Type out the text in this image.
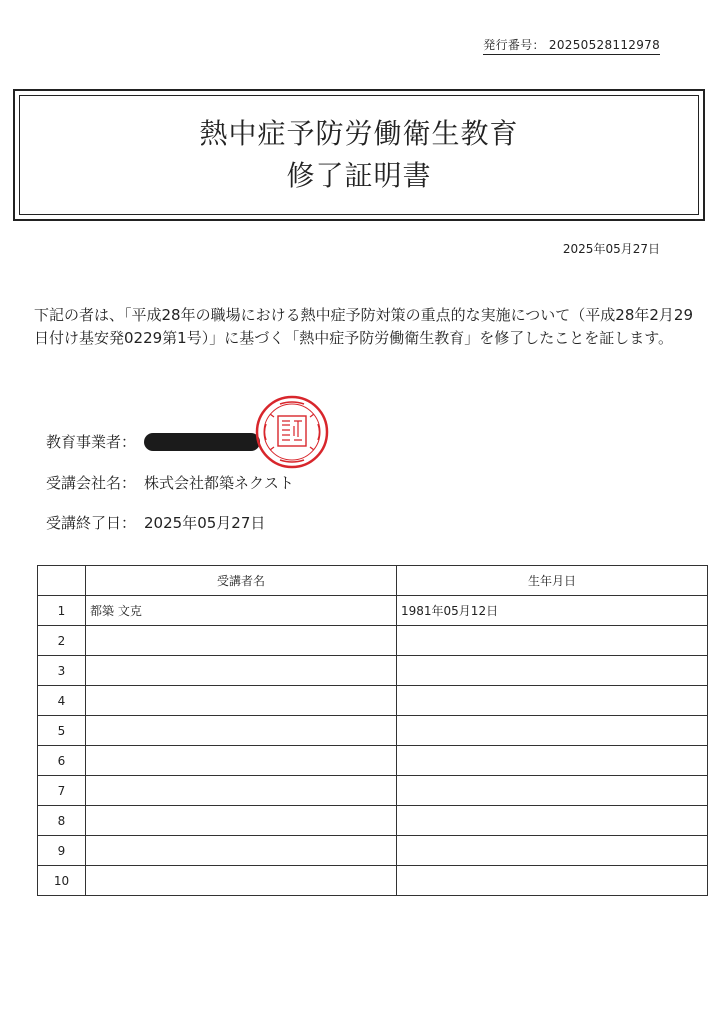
発行番号： 20250528112978
熱中症予防労働衛生教育
修了証明書
2025年05月27日
下記の者は、「平成28年の職場における熱中症予防対策の重点的な実施について（平成28年2月29日付け基安発0229第1号）」に基づく「熱中症予防労働衛生教育」を修了したことを証します。
教育事業者：
受講会社名： 株式会社都築ネクスト
受講終了日： 2025年05月27日
	受講者名	生年月日
1	都築 文克	1981年05月12日
2		
3		
4		
5		
6		
7		
8		
9		
10		
